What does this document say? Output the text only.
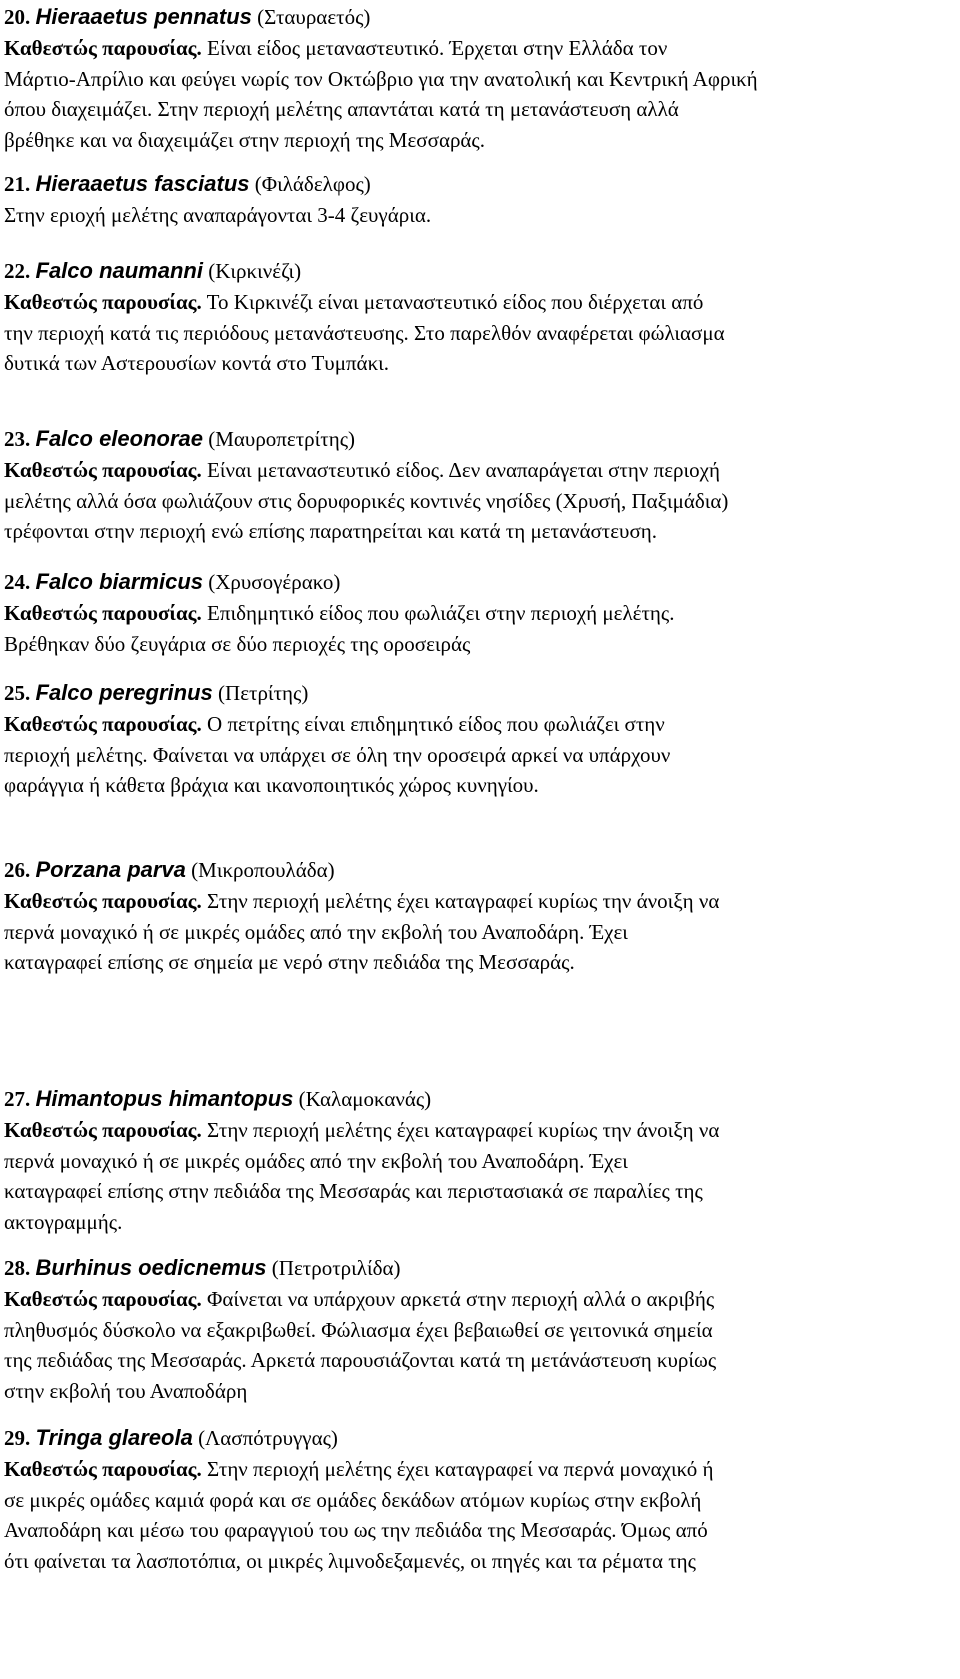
20. Hieraaetus pennatus (Σταυραετός)

Καθεστώς παρουσίας. Είναι είδος μεταναστευτικό. Έρχεται στην Ελλάδα τον

Μάρτιο-Απρίλιο και φεύγει νωρίς τον Οκτώβριο για την ανατολική και Κεντρική Αφρική

όπου διαχειμάζει. Στην περιοχή μελέτης απαντάται κατά τη μετανάστευση αλλά

βρέθηκε και να διαχειμάζει στην περιοχή της Μεσσαράς.

21. Hieraaetus fasciatus (Φιλάδελφος)

Στην εριοχή μελέτης αναπαράγονται 3-4 ζευγάρια.

22. Falco naumanni (Κιρκινέζι)

Καθεστώς παρουσίας. Το Κιρκινέζι είναι μεταναστευτικό είδος που διέρχεται από

την περιοχή κατά τις περιόδους μετανάστευσης. Στο παρελθόν αναφέρεται φώλιασμα

δυτικά των Αστερουσίων κοντά στο Τυμπάκι.

23. Falco eleonorae (Μαυροπετρίτης)

Καθεστώς παρουσίας. Είναι μεταναστευτικό είδος. Δεν αναπαράγεται στην περιοχή

μελέτης αλλά όσα φωλιάζουν στις δορυφορικές κοντινές νησίδες (Χρυσή, Παξιμάδια)

τρέφονται στην περιοχή ενώ επίσης παρατηρείται και κατά τη μετανάστευση.

24. Falco biarmicus (Χρυσογέρακο)

Καθεστώς παρουσίας. Επιδημητικό είδος που φωλιάζει στην περιοχή μελέτης.

Βρέθηκαν δύο ζευγάρια σε δύο περιοχές της οροσειράς

25. Falco peregrinus (Πετρίτης)

Καθεστώς παρουσίας. Ο πετρίτης είναι επιδημητικό είδος που φωλιάζει στην

περιοχή μελέτης. Φαίνεται να υπάρχει σε όλη την οροσειρά αρκεί να υπάρχουν

φαράγγια ή κάθετα βράχια και ικανοποιητικός χώρος κυνηγίου.

26. Porzana parva (Μικροπουλάδα)

Καθεστώς παρουσίας. Στην περιοχή μελέτης έχει καταγραφεί κυρίως την άνοιξη να

περνά μοναχικό ή σε μικρές ομάδες από την εκβολή του Αναποδάρη. Έχει

καταγραφεί επίσης σε σημεία με νερό στην πεδιάδα της Μεσσαράς.

27. Himantopus himantopus (Καλαμοκανάς)

Καθεστώς παρουσίας. Στην περιοχή μελέτης έχει καταγραφεί κυρίως την άνοιξη να

περνά μοναχικό ή σε μικρές ομάδες από την εκβολή του Αναποδάρη. Έχει

καταγραφεί επίσης στην πεδιάδα της Μεσσαράς και περιστασιακά σε παραλίες της

ακτογραμμής.

28. Burhinus oedicnemus (Πετροτριλίδα)

Καθεστώς παρουσίας. Φαίνεται να υπάρχουν αρκετά στην περιοχή αλλά ο ακριβής

πληθυσμός δύσκολο να εξακριβωθεί. Φώλιασμα έχει βεβαιωθεί σε γειτονικά σημεία

της πεδιάδας της Μεσσαράς. Αρκετά παρουσιάζονται κατά τη μετάνάστευση κυρίως

στην εκβολή του Αναποδάρη

29. Tringa glareola (Λασπότρυγγας)

Καθεστώς παρουσίας. Στην περιοχή μελέτης έχει καταγραφεί να περνά μοναχικό ή

σε μικρές ομάδες καμιά φορά και σε ομάδες δεκάδων ατόμων κυρίως στην εκβολή

Αναποδάρη και μέσω του φαραγγιού του ως την πεδιάδα της Μεσσαράς. Όμως από

ότι φαίνεται τα λασποτόπια, οι μικρές λιμνοδεξαμενές, οι πηγές και τα ρέματα της
